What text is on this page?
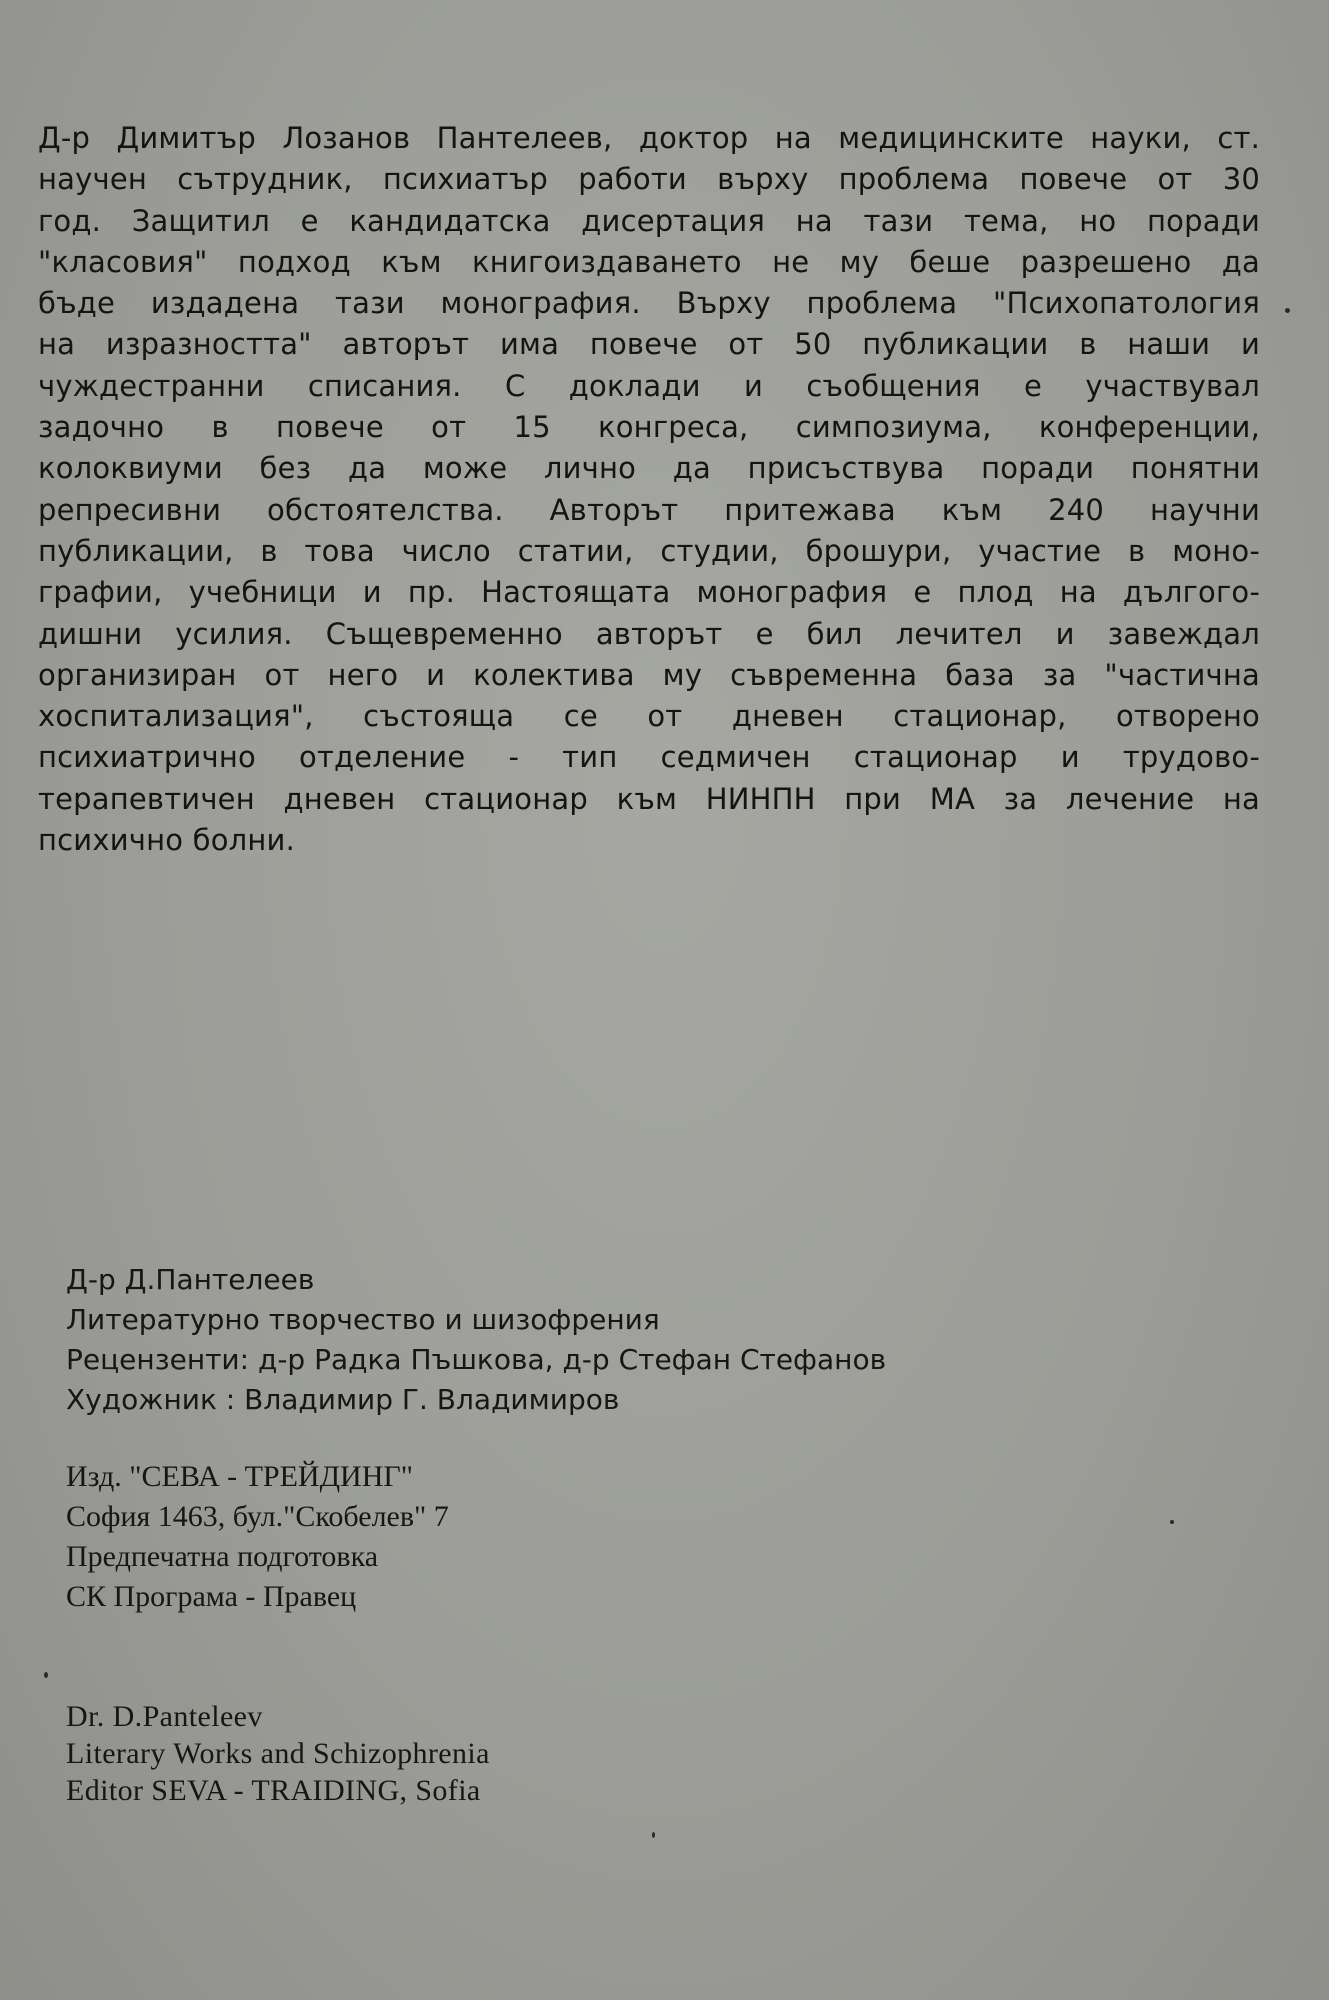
Д-р Димитър Лозанов Пантелеев, доктор на медицинските науки, ст.
научен сътрудник, психиатър работи върху проблема повече от 30
год. Защитил е кандидатска дисертация на тази тема, но поради
"класовия" подход към книгоиздаването не му беше разрешено да
бъде издадена тази монография. Върху проблема "Психопатология
на изразността" авторът има повече от 50 публикации в наши и
чуждестранни списания. С доклади и съобщения е участвувал
задочно в повече от 15 конгреса, симпозиума, конференции,
колоквиуми без да може лично да присъствува поради понятни
репресивни обстоятелства. Авторът притежава към 240 научни
публикации, в това число статии, студии, брошури, участие в моно-
графии, учебници и пр. Настоящата монография е плод на дългого-
дишни усилия. Същевременно авторът е бил лечител и завеждал
организиран от него и колектива му съвременна база за "частична
хоспитализация", състояща се от дневен стационар, отворено
психиатрично отделение - тип седмичен стационар и трудово-
терапевтичен дневен стационар към НИНПН при МА за лечение на
психично болни.
Д-р Д.Пантелеев
Литературно творчество и шизофрения
Рецензенти: д-р Радка Пъшкова, д-р Стефан Стефанов
Художник : Владимир Г. Владимиров
Изд. "СЕВА - ТРЕЙДИНГ"
София 1463, бул."Скобелев" 7
Предпечатна подготовка
СК Програма - Правец
Dr. D.Panteleev
Literary Works and Schizophrenia
Editor SEVA - TRAIDING, Sofia
